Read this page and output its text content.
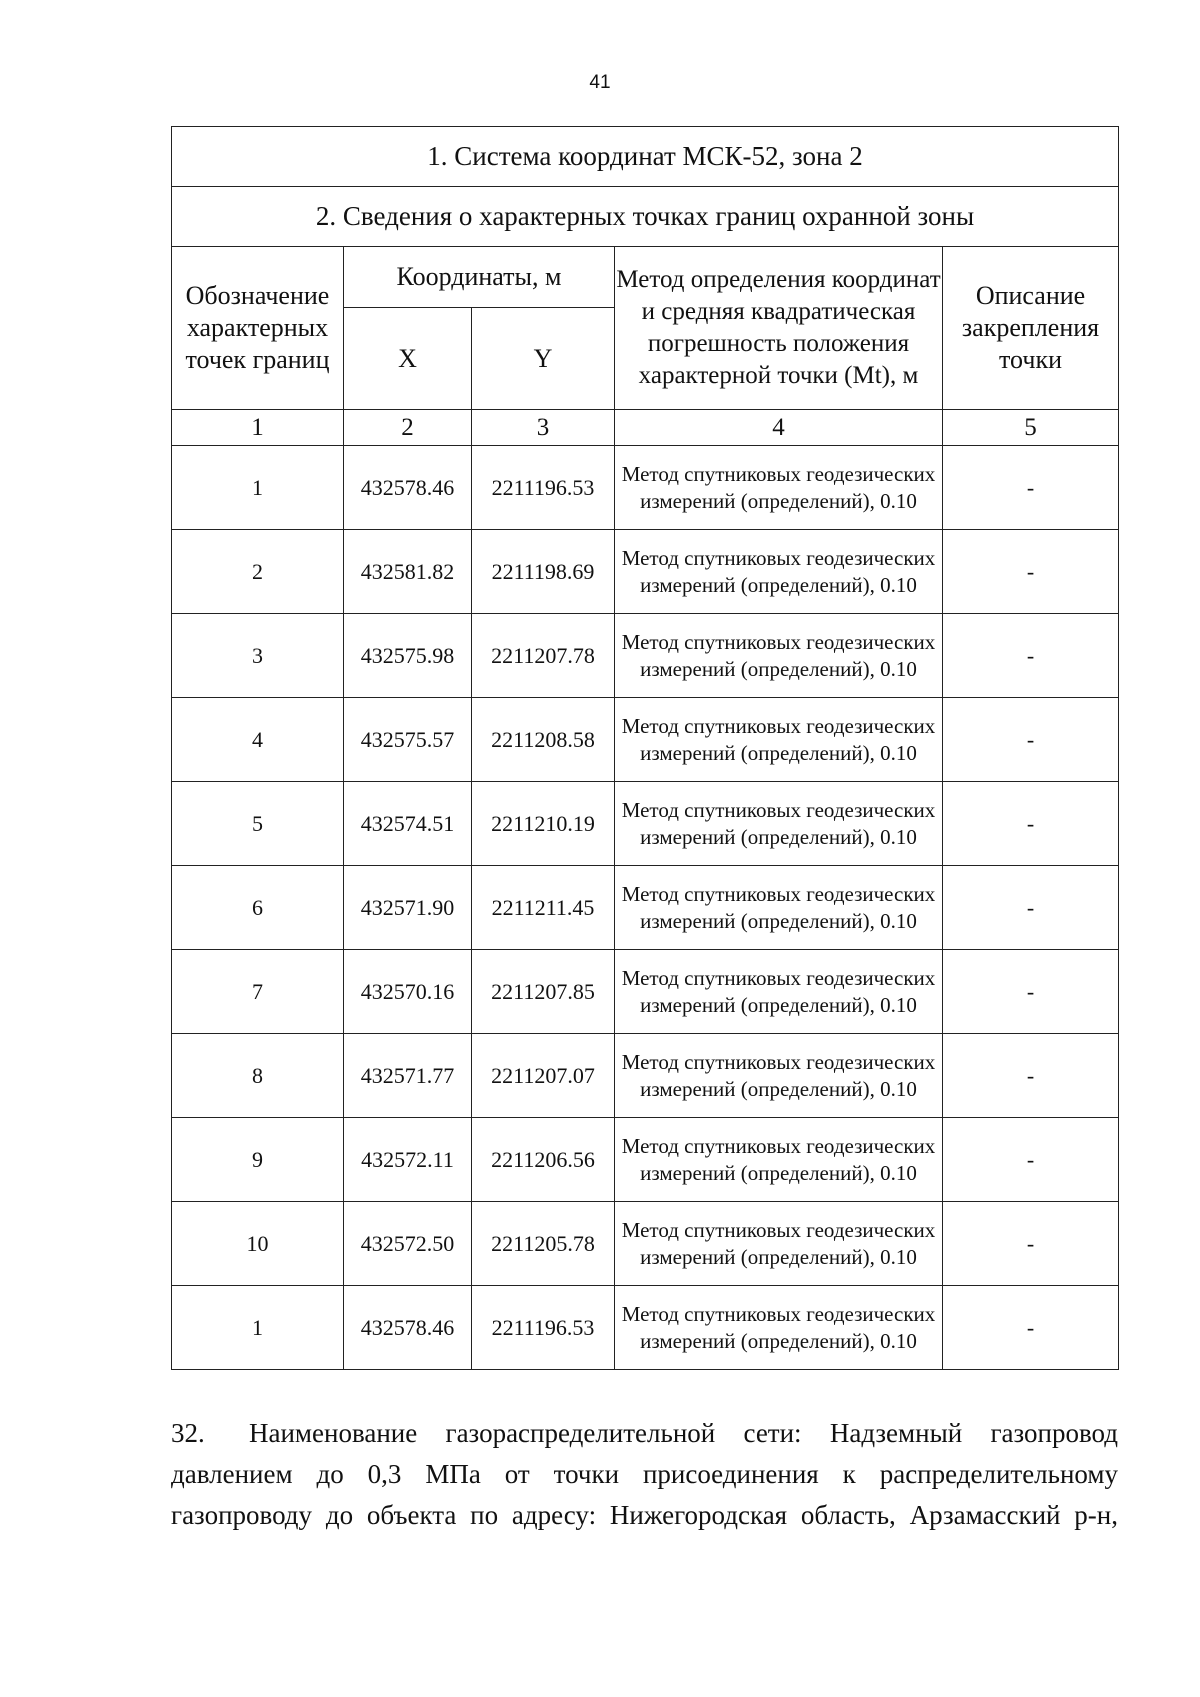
41
1. Система координат МСК-52, зона 2				
2. Сведения о характерных точках границ охранной зоны				
Обозначение характерных точек границ	Координаты, м		Метод определения координат и средняя квадратическая погрешность положения характерной точки (Mt), м	Описание закрепления точки
	X	Y		
1	2	3	4	5
1	432578.46	2211196.53	Метод спутниковых геодезических измерений (определений), 0.10	-
2	432581.82	2211198.69	Метод спутниковых геодезических измерений (определений), 0.10	-
3	432575.98	2211207.78	Метод спутниковых геодезических измерений (определений), 0.10	-
4	432575.57	2211208.58	Метод спутниковых геодезических измерений (определений), 0.10	-
5	432574.51	2211210.19	Метод спутниковых геодезических измерений (определений), 0.10	-
6	432571.90	2211211.45	Метод спутниковых геодезических измерений (определений), 0.10	-
7	432570.16	2211207.85	Метод спутниковых геодезических измерений (определений), 0.10	-
8	432571.77	2211207.07	Метод спутниковых геодезических измерений (определений), 0.10	-
9	432572.11	2211206.56	Метод спутниковых геодезических измерений (определений), 0.10	-
10	432572.50	2211205.78	Метод спутниковых геодезических измерений (определений), 0.10	-
1	432578.46	2211196.53	Метод спутниковых геодезических измерений (определений), 0.10	-
32. Наименование газораспределительной сети: Надземный газопровод давлением до 0,3 МПа от точки присоединения к распределительному газопроводу до объекта по адресу: Нижегородская область, Арзамасский р-н,
